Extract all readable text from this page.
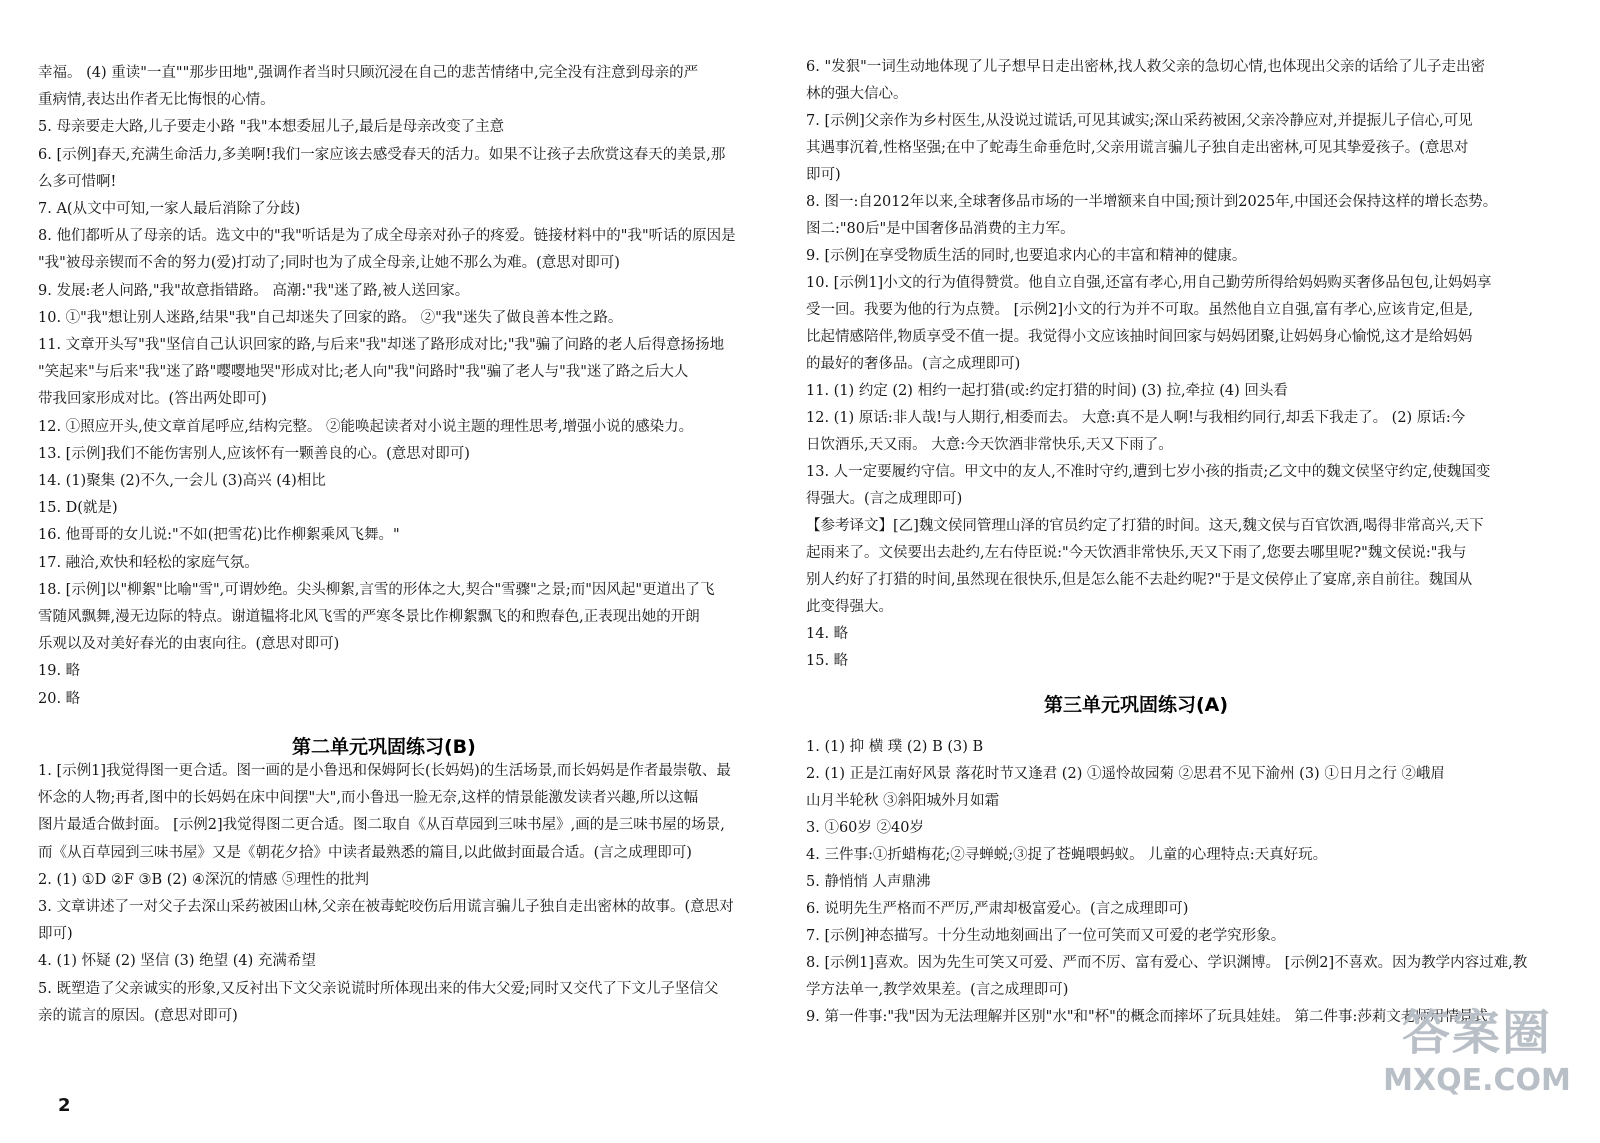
幸福。 (4) 重读"一直""那步田地",强调作者当时只顾沉浸在自己的悲苦情绪中,完全没有注意到母亲的严
重病情,表达出作者无比悔恨的心情。
5. 母亲要走大路,儿子要走小路 "我"本想委屈儿子,最后是母亲改变了主意
6. [示例]春天,充满生命活力,多美啊!我们一家应该去感受春天的活力。如果不让孩子去欣赏这春天的美景,那
么多可惜啊!
7. A(从文中可知,一家人最后消除了分歧)
8. 他们都听从了母亲的话。选文中的"我"听话是为了成全母亲对孙子的疼爱。链接材料中的"我"听话的原因是
"我"被母亲锲而不舍的努力(爱)打动了;同时也为了成全母亲,让她不那么为难。(意思对即可)
9. 发展:老人问路,"我"故意指错路。 高潮:"我"迷了路,被人送回家。
10. ①"我"想让别人迷路,结果"我"自己却迷失了回家的路。 ②"我"迷失了做良善本性之路。
11. 文章开头写"我"坚信自己认识回家的路,与后来"我"却迷了路形成对比;"我"骗了问路的老人后得意扬扬地
"笑起来"与后来"我"迷了路"嘤嘤地哭"形成对比;老人向"我"问路时"我"骗了老人与"我"迷了路之后大人
带我回家形成对比。(答出两处即可)
12. ①照应开头,使文章首尾呼应,结构完整。 ②能唤起读者对小说主题的理性思考,增强小说的感染力。
13. [示例]我们不能伤害别人,应该怀有一颗善良的心。(意思对即可)
14. (1)聚集 (2)不久,一会儿 (3)高兴 (4)相比
15. D(就是)
16. 他哥哥的女儿说:"不如(把雪花)比作柳絮乘风飞舞。"
17. 融洽,欢快和轻松的家庭气氛。
18. [示例]以"柳絮"比喻"雪",可谓妙绝。尖头柳絮,言雪的形体之大,契合"雪骤"之景;而"因风起"更道出了飞
雪随风飘舞,漫无边际的特点。谢道韫将北风飞雪的严寒冬景比作柳絮飘飞的和煦春色,正表现出她的开朗
乐观以及对美好春光的由衷向往。(意思对即可)
19. 略
20. 略
第二单元巩固练习(B)
1. [示例1]我觉得图一更合适。图一画的是小鲁迅和保姆阿长(长妈妈)的生活场景,而长妈妈是作者最崇敬、最
怀念的人物;再者,图中的长妈妈在床中间摆"大",而小鲁迅一脸无奈,这样的情景能激发读者兴趣,所以这幅
图片最适合做封面。 [示例2]我觉得图二更合适。图二取自《从百草园到三味书屋》,画的是三味书屋的场景,
而《从百草园到三味书屋》又是《朝花夕拾》中读者最熟悉的篇目,以此做封面最合适。(言之成理即可)
2. (1) ①D ②F ③B (2) ④深沉的情感 ⑤理性的批判
3. 文章讲述了一对父子去深山采药被困山林,父亲在被毒蛇咬伤后用谎言骗儿子独自走出密林的故事。(意思对
即可)
4. (1) 怀疑 (2) 坚信 (3) 绝望 (4) 充满希望
5. 既塑造了父亲诚实的形象,又反衬出下文父亲说谎时所体现出来的伟大父爱;同时又交代了下文儿子坚信父
亲的谎言的原因。(意思对即可)
6. "发狠"一词生动地体现了儿子想早日走出密林,找人救父亲的急切心情,也体现出父亲的话给了儿子走出密
林的强大信心。
7. [示例]父亲作为乡村医生,从没说过谎话,可见其诚实;深山采药被困,父亲冷静应对,并提振儿子信心,可见
其遇事沉着,性格坚强;在中了蛇毒生命垂危时,父亲用谎言骗儿子独自走出密林,可见其挚爱孩子。(意思对
即可)
8. 图一:自2012年以来,全球奢侈品市场的一半增额来自中国;预计到2025年,中国还会保持这样的增长态势。
图二:"80后"是中国奢侈品消费的主力军。
9. [示例]在享受物质生活的同时,也要追求内心的丰富和精神的健康。
10. [示例1]小文的行为值得赞赏。他自立自强,还富有孝心,用自己勤劳所得给妈妈购买奢侈品包包,让妈妈享
受一回。我要为他的行为点赞。 [示例2]小文的行为并不可取。虽然他自立自强,富有孝心,应该肯定,但是,
比起情感陪伴,物质享受不值一提。我觉得小文应该抽时间回家与妈妈团聚,让妈妈身心愉悦,这才是给妈妈
的最好的奢侈品。(言之成理即可)
11. (1) 约定 (2) 相约一起打猎(或:约定打猎的时间) (3) 拉,牵拉 (4) 回头看
12. (1) 原话:非人哉!与人期行,相委而去。 大意:真不是人啊!与我相约同行,却丢下我走了。 (2) 原话:今
日饮酒乐,天又雨。 大意:今天饮酒非常快乐,天又下雨了。
13. 人一定要履约守信。甲文中的友人,不准时守约,遭到七岁小孩的指责;乙文中的魏文侯坚守约定,使魏国变
得强大。(言之成理即可)
【参考译文】[乙]魏文侯同管理山泽的官员约定了打猎的时间。这天,魏文侯与百官饮酒,喝得非常高兴,天下
起雨来了。文侯要出去赴约,左右侍臣说:"今天饮酒非常快乐,天又下雨了,您要去哪里呢?"魏文侯说:"我与
别人约好了打猎的时间,虽然现在很快乐,但是怎么能不去赴约呢?"于是文侯停止了宴席,亲自前往。魏国从
此变得强大。
14. 略
15. 略
第三单元巩固练习(A)
1. (1) 抑 横 璞 (2) B (3) B
2. (1) 正是江南好风景 落花时节又逢君 (2) ①遥怜故园菊 ②思君不见下渝州 (3) ①日月之行 ②峨眉
山月半轮秋 ③斜阳城外月如霜
3. ①60岁 ②40岁
4. 三件事:①折蜡梅花;②寻蝉蜕;③捉了苍蝇喂蚂蚁。 儿童的心理特点:天真好玩。
5. 静悄悄 人声鼎沸
6. 说明先生严格而不严厉,严肃却极富爱心。(言之成理即可)
7. [示例]神态描写。十分生动地刻画出了一位可笑而又可爱的老学究形象。
8. [示例1]喜欢。因为先生可笑又可爱、严而不厉、富有爱心、学识渊博。 [示例2]不喜欢。因为教学内容过难,教
学方法单一,教学效果差。(言之成理即可)
9. 第一件事:"我"因为无法理解并区别"水"和"杯"的概念而摔坏了玩具娃娃。 第二件事:莎莉文老师用情景式
2
答案圈
MXQE.COM
